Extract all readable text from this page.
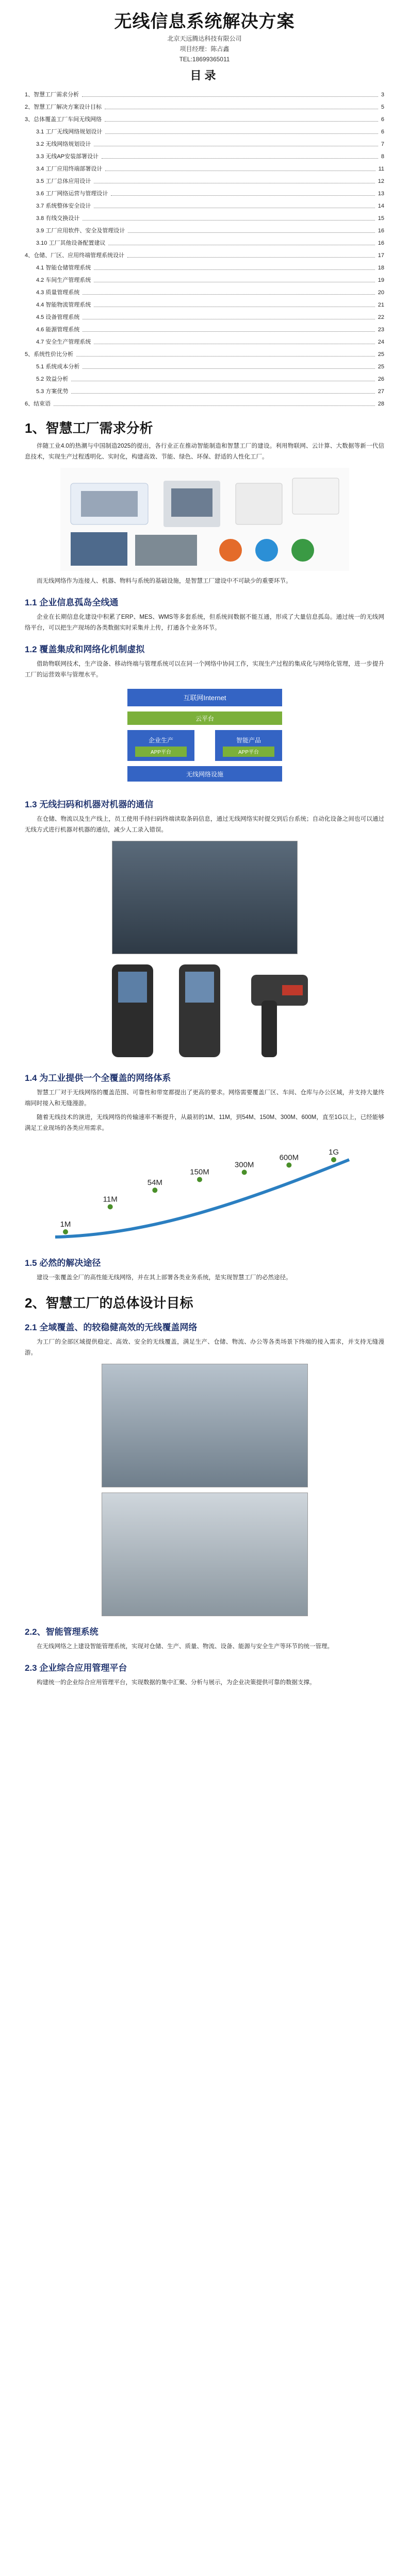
无线信息系统解决方案

北京天远腾达科技有限公司

项目经理：陈占鑫

TEL:18699365011

目录
1、智慧工厂需求分析	3
2、智慧工厂解决方案设计目标	5
3、总体覆盖工厂车间无线网络	6
3.1 工厂无线网络规划设计	6
3.2 无线网络规划设计	7
3.3 无线AP安装部署设计	8
3.4 工厂应用终端部署设计	11
3.5 工厂总体应用设计	12
3.6 工厂网络运营与管理设计	13
3.7 系统整体安全设计	14
3.8 有线交换设计	15
3.9 工厂应用软件、安全及管理设计	16
3.10 工厂其他设备配置建议	16
4、仓储、厂区、应用终端管理系统设计	17
4.1 智能仓储管理系统	18
4.2 车间生产管理系统	19
4.3 质量管理系统	20
4.4 智能物流管理系统	21
4.5 设备管理系统	22
4.6 能源管理系统	23
4.7 安全生产管理系统	24
5、系统性价比分析	25
5.1 系统成本分析	25
5.2 效益分析	26
5.3 方案优势	27
6、结束语	28
1、智慧工厂需求分析

伴随工业4.0的热潮与中国制造2025的提出，各行业正在推动智能制造和智慧工厂的建设。利用物联网、云计算、大数据等新一代信息技术，实现生产过程透明化、实时化，构建高效、节能、绿色、环保、舒适的人性化工厂。

而无线网络作为连接人、机器、物料与系统的基础设施，是智慧工厂建设中不可缺少的重要环节。

1.1 企业信息孤岛全线通

企业在长期信息化建设中积累了ERP、MES、WMS等多套系统，但系统间数据不能互通，形成了大量信息孤岛。通过统一的无线网络平台，可以把生产现场的各类数据实时采集并上传，打通各个业务环节。

1.2 覆盖集成和网络化机制虚拟

借助物联网技术，生产设备、移动终端与管理系统可以在同一个网络中协同工作，实现生产过程的集成化与网络化管理，进一步提升工厂的运营效率与管理水平。

互联网Internet
云平台
企业生产
APP平台
智能产品
APP平台
无线网络设施
1.3 无线扫码和机器对机器的通信

在仓储、物流以及生产线上，员工使用手持扫码终端读取条码信息，通过无线网络实时提交到后台系统；自动化设备之间也可以通过无线方式进行机器对机器的通信，减少人工录入错误。

1.4 为工业提供一个全覆盖的网络体系

智慧工厂对于无线网络的覆盖范围、可靠性和带宽都提出了更高的要求。网络需要覆盖厂区、车间、仓库与办公区域，并支持大量终端同时接入和无缝漫游。

随着无线技术的演进，无线网络的传输速率不断提升，从最初的1M、11M，到54M、150M、300M、600M，直至1G以上，已经能够满足工业现场的各类应用需求。

1M
11M
54M
150M
300M
600M
1G
1.5 必然的解决途径

建设一张覆盖全厂的高性能无线网络，并在其上部署各类业务系统，是实现智慧工厂的必然途径。

2、智慧工厂的总体设计目标
2.1 全域覆盖、的较稳健高效的无线覆盖网络

为工厂的全部区域提供稳定、高效、安全的无线覆盖，满足生产、仓储、物流、办公等各类场景下终端的接入需求，并支持无缝漫游。

2.2、智能管理系统

在无线网络之上建设智能管理系统，实现对仓储、生产、质量、物流、设备、能源与安全生产等环节的统一管理。

2.3 企业综合应用管理平台

构建统一的企业综合应用管理平台，实现数据的集中汇聚、分析与展示，为企业决策提供可靠的数据支撑。
